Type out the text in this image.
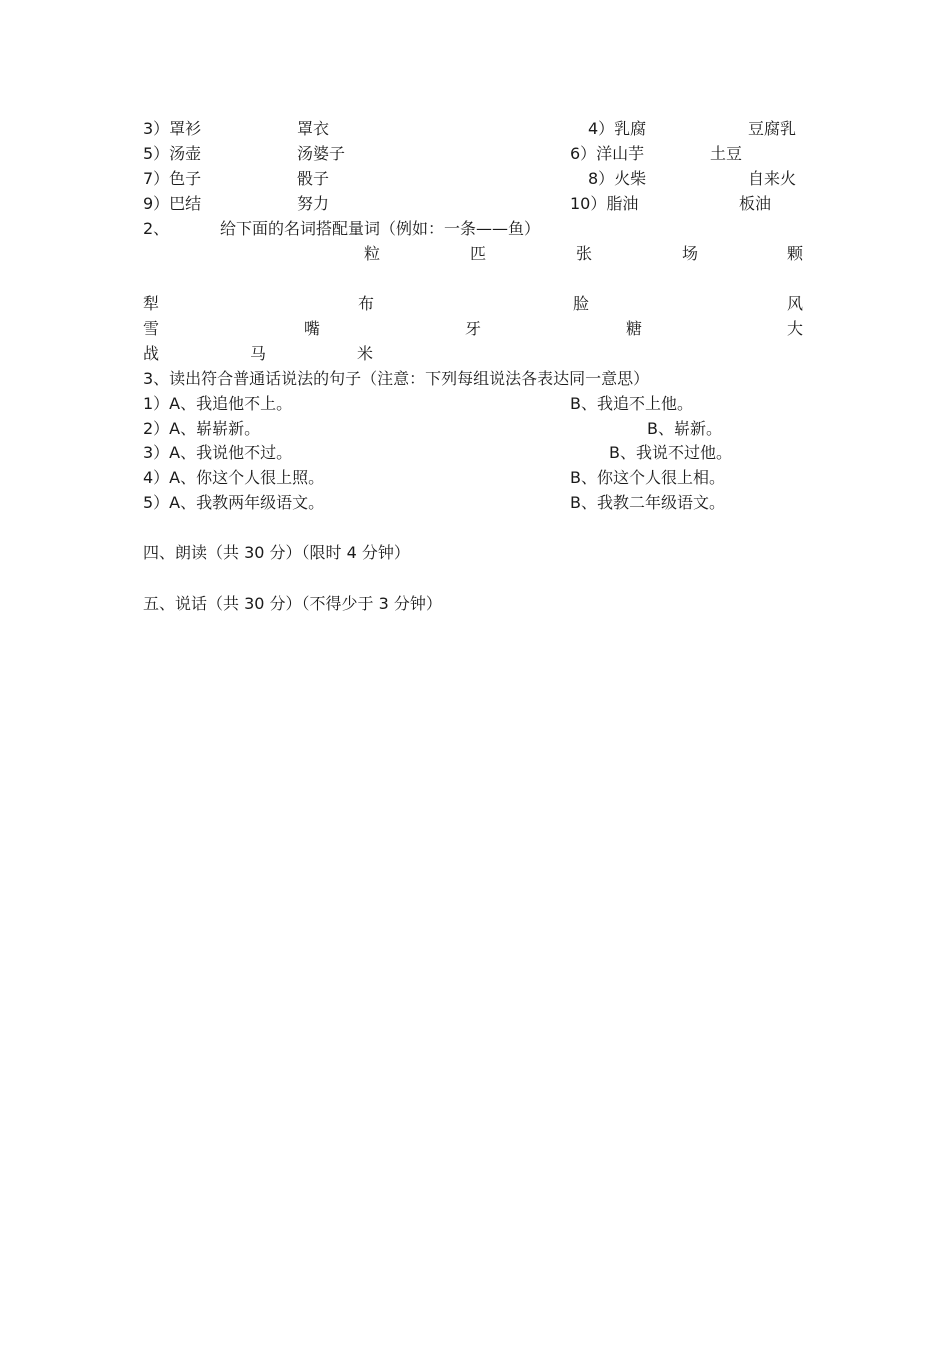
3）罩衫	罩衣	4）乳腐	豆腐乳
5）汤壶	汤婆子	6）洋山芋	土豆
7）色子	骰子	8）火柴	自来火
9）巴结	努力	10）脂油	板油
2、	给下面的名词搭配量词（例如：一条——鱼）
粒	匹	张	场	颗
犁	布	脸	风
雪	嘴	牙	糖	大
战	马	米
3、读出符合普通话说法的句子（注意：下列每组说法各表达同一意思）
1）A、我追他不上。	B、我追不上他。
2）A、崭崭新。	B、崭新。
3）A、我说他不过。	B、我说不过他。
4）A、你这个人很上照。	B、你这个人很上相。
5）A、我教两年级语文。	B、我教二年级语文。
四、朗读（共 30 分）（限时 4 分钟）
五、说话（共 30 分）（不得少于 3 分钟）
